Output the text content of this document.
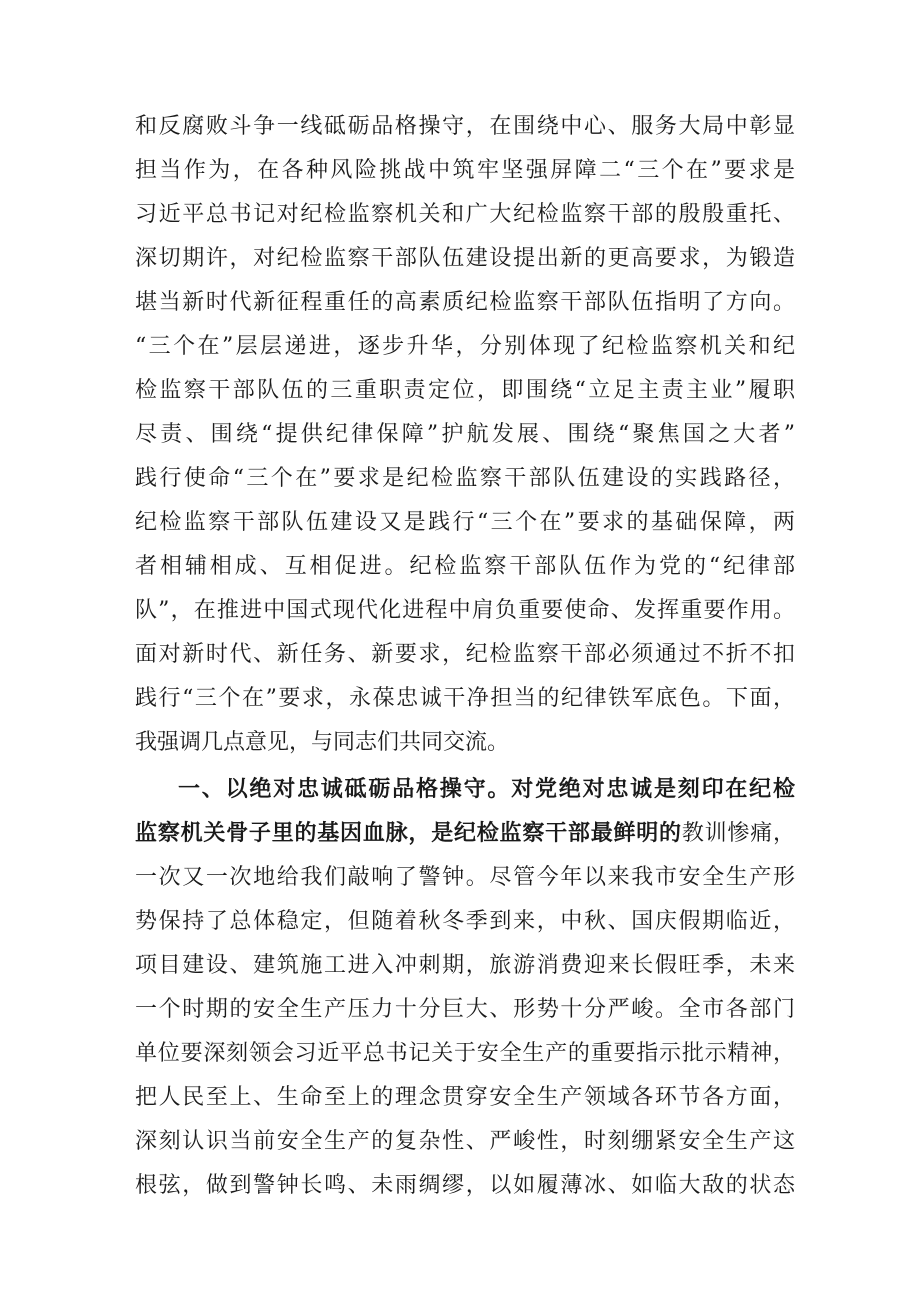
和反腐败斗争一线砥砺品格操守，在围绕中心、服务大局中彰显
担当作为，在各种风险挑战中筑牢坚强屏障二“三个在”要求是
习近平总书记对纪检监察机关和广大纪检监察干部的殷殷重托、
深切期许，对纪检监察干部队伍建设提出新的更高要求，为锻造
堪当新时代新征程重任的高素质纪检监察干部队伍指明了方向。
“三个在”层层递进，逐步升华，分别体现了纪检监察机关和纪
检监察干部队伍的三重职责定位，即围绕“立足主责主业”履职
尽责、围绕“提供纪律保障”护航发展、围绕“聚焦国之大者”
践行使命“三个在”要求是纪检监察干部队伍建设的实践路径，
纪检监察干部队伍建设又是践行“三个在”要求的基础保障，两
者相辅相成、互相促进。纪检监察干部队伍作为党的“纪律部
队”，在推进中国式现代化进程中肩负重要使命、发挥重要作用。
面对新时代、新任务、新要求，纪检监察干部必须通过不折不扣
践行“三个在”要求，永葆忠诚干净担当的纪律铁军底色。下面，
我强调几点意见，与同志们共同交流。
一、以绝对忠诚砥砺品格操守。对党绝对忠诚是刻印在纪检
监察机关骨子里的基因血脉，是纪检监察干部最鲜明的教训惨痛，
一次又一次地给我们敲响了警钟。尽管今年以来我市安全生产形
势保持了总体稳定，但随着秋冬季到来，中秋、国庆假期临近，
项目建设、建筑施工进入冲刺期，旅游消费迎来长假旺季，未来
一个时期的安全生产压力十分巨大、形势十分严峻。全市各部门
单位要深刻领会习近平总书记关于安全生产的重要指示批示精神，
把人民至上、生命至上的理念贯穿安全生产领域各环节各方面，
深刻认识当前安全生产的复杂性、严峻性，时刻绷紧安全生产这
根弦，做到警钟长鸣、未雨绸缪，以如履薄冰、如临大敌的状态
